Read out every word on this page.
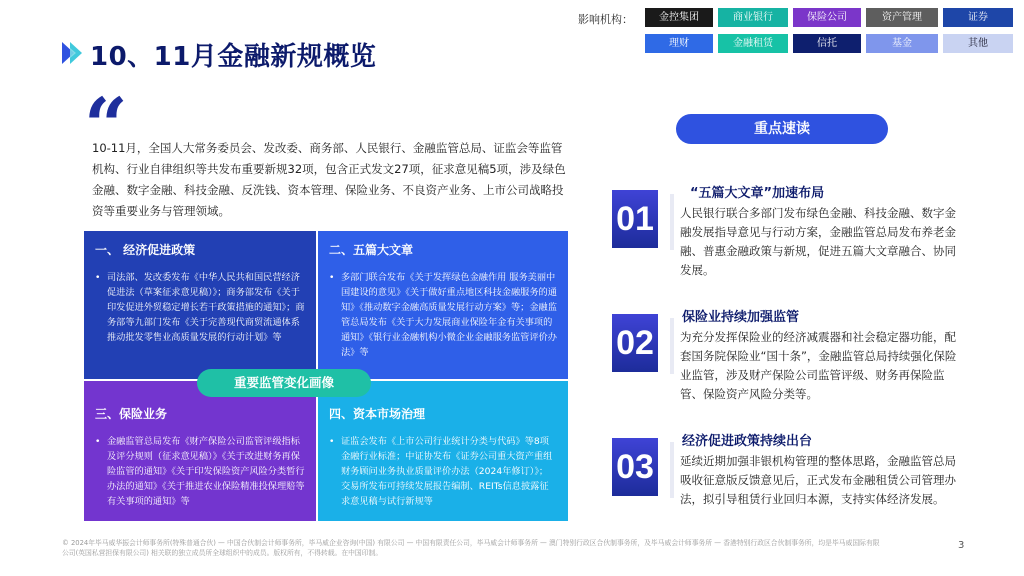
影响机构：	金控集团	商业银行	保险公司	资产管理	证券
理财	金融租赁	信托	基金	其他
10、11月金融新规概览
“
10-11月，全国人大常务委员会、发改委、商务部、人民银行、金融监管总局、证监会等监管机构、行业自律组织等共发布重要新规32项，包含正式发文27项，征求意见稿5项，涉及绿色金融、数字金融、科技金融、反洗钱、资本管理、保险业务、不良资产业务、上市公司战略投资等重要业务与管理领域。
一、 经济促进政策
• 司法部、发改委发布《中华人民共和国民营经济促进法（草案征求意见稿）》；商务部发布《关于印发促进外贸稳定增长若干政策措施的通知》；商务部等九部门发布《关于完善现代商贸流通体系推动批发零售业高质量发展的行动计划》等
二、五篇大文章
• 多部门联合发布《关于发挥绿色金融作用 服务美丽中国建设的意见》《关于做好重点地区科技金融服务的通知》《推动数字金融高质量发展行动方案》等；金融监管总局发布《关于大力发展商业保险年金有关事项的通知》《银行业金融机构小微企业金融服务监管评价办法》等
三、保险业务
• 金融监管总局发布《财产保险公司监管评级指标及评分规则（征求意见稿）》《关于改进财务再保险监管的通知》《关于印发保险资产风险分类暂行办法的通知》《关于推进农业保险精准投保理赔等有关事项的通知》等
四、资本市场治理
• 证监会发布《上市公司行业统计分类与代码》等8项金融行业标准；中证协发布《证券公司重大资产重组财务顾问业务执业质量评价办法（2024年修订）》；交易所发布可持续发展报告编制、REITs信息披露征求意见稿与试行新规等
重要监管变化画像
重点速读
01
“五篇大文章”加速布局
人民银行联合多部门发布绿色金融、科技金融、数字金融发展指导意见与行动方案，金融监管总局发布养老金融、普惠金融政策与新规，促进五篇大文章融合、协同发展。
02
保险业持续加强监管
为充分发挥保险业的经济减震器和社会稳定器功能，配套国务院保险业“国十条”，金融监管总局持续强化保险业监管，涉及财产保险公司监管评级、财务再保险监管、保险资产风险分类等。
03
经济促进政策持续出台
延续近期加强非银机构管理的整体思路，金融监管总局吸收征意版反馈意见后，正式发布金融租赁公司管理办法，拟引导租赁行业回归本源，支持实体经济发展。
© 2024年毕马威华振会计师事务所(特殊普通合伙) — 中国合伙制会计师事务所，毕马威企业咨询(中国) 有限公司 — 中国有限责任公司，毕马威会计师事务所 — 澳门特别行政区合伙制事务所，及毕马威会计师事务所 — 香港特别行政区合伙制事务所，均是毕马威国际有限公司(英国私营担保有限公司) 相关联的独立成员所全球组织中的成员。版权所有，不得转载。在中国印制。
3
